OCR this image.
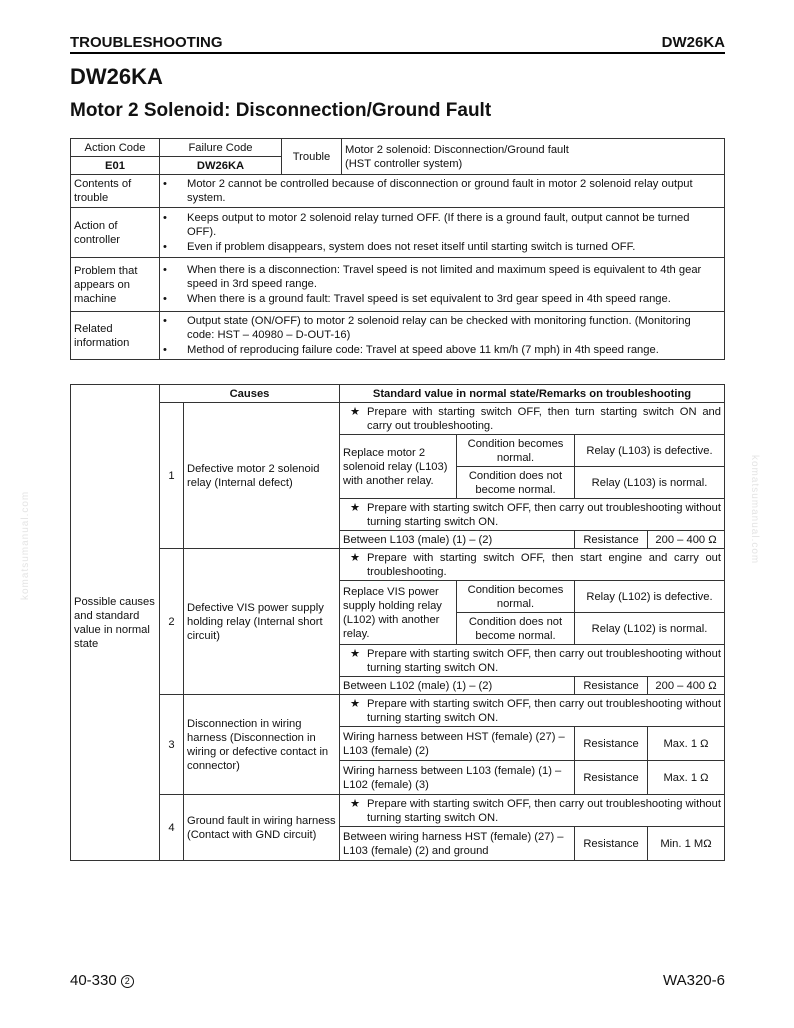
TROUBLESHOOTING	DW26KA
DW26KA
Motor 2 Solenoid: Disconnection/Ground Fault
Action Code	Failure Code	Trouble	Motor 2 solenoid: Disconnection/Ground fault
(HST controller system)

E01	DW26KA		
Contents of trouble	• Motor 2 cannot be controlled because of disconnection or ground fault in motor 2 solenoid relay output system.		

Action of controller	• Keeps output to motor 2 solenoid relay turned OFF. (If there is a ground fault, output cannot be turned OFF).
• Even if problem disappears, system does not reset itself until starting switch is turned OFF.		

Problem that appears on machine	• When there is a disconnection: Travel speed is not limited and maximum speed is equivalent to 4th gear speed in 3rd speed range.
• When there is a ground fault: Travel speed is set equivalent to 3rd gear speed in 4th speed range.		

Related information	• Output state (ON/OFF) to motor 2 solenoid relay can be checked with monitoring function. (Monitoring code: HST – 40980 – D-OUT-16)
• Method of reproducing failure code: Travel at speed above 11 km/h (7 mph) in 4th speed range.		
Possible causes and standard value in normal state	Causes		Standard value in normal state/Remarks on troubleshooting			
	1	Defective motor 2 solenoid relay (Internal defect)	★ Prepare with starting switch OFF, then turn starting switch ON and carry out troubleshooting.			

			Replace motor 2 solenoid relay (L103) with another relay.	Condition becomes normal.	Relay (L103) is defective.	
				Condition does not become normal.	Relay (L103) is normal.	

			★ Prepare with starting switch OFF, then carry out troubleshooting without turning starting switch ON.			

			Between L103 (male) (1) – (2)		Resistance	200 – 400 Ω
	2	Defective VIS power supply holding relay (Internal short circuit)	★ Prepare with starting switch OFF, then start engine and carry out troubleshooting.			

			Replace VIS power supply holding relay (L102) with another relay.	Condition becomes normal.	Relay (L102) is defective.	
				Condition does not become normal.	Relay (L102) is normal.	

			★ Prepare with starting switch OFF, then carry out troubleshooting without turning starting switch ON.			

			Between L102 (male) (1) – (2)		Resistance	200 – 400 Ω
	3	Disconnection in wiring harness (Disconnection in wiring or defective contact in connector)	★ Prepare with starting switch OFF, then carry out troubleshooting without turning starting switch ON.			

			Wiring harness between HST (female) (27) – L103 (female) (2)		Resistance	Max. 1 Ω
			Wiring harness between L103 (female) (1) – L102 (female) (3)		Resistance	Max. 1 Ω
	4	Ground fault in wiring harness (Contact with GND circuit)	★ Prepare with starting switch OFF, then carry out troubleshooting without turning starting switch ON.			

			Between wiring harness HST (female) (27) – L103 (female) (2) and ground		Resistance	Min. 1 MΩ
komatsumanual.com	komatsumanual.com
40-330 2	WA320-6
